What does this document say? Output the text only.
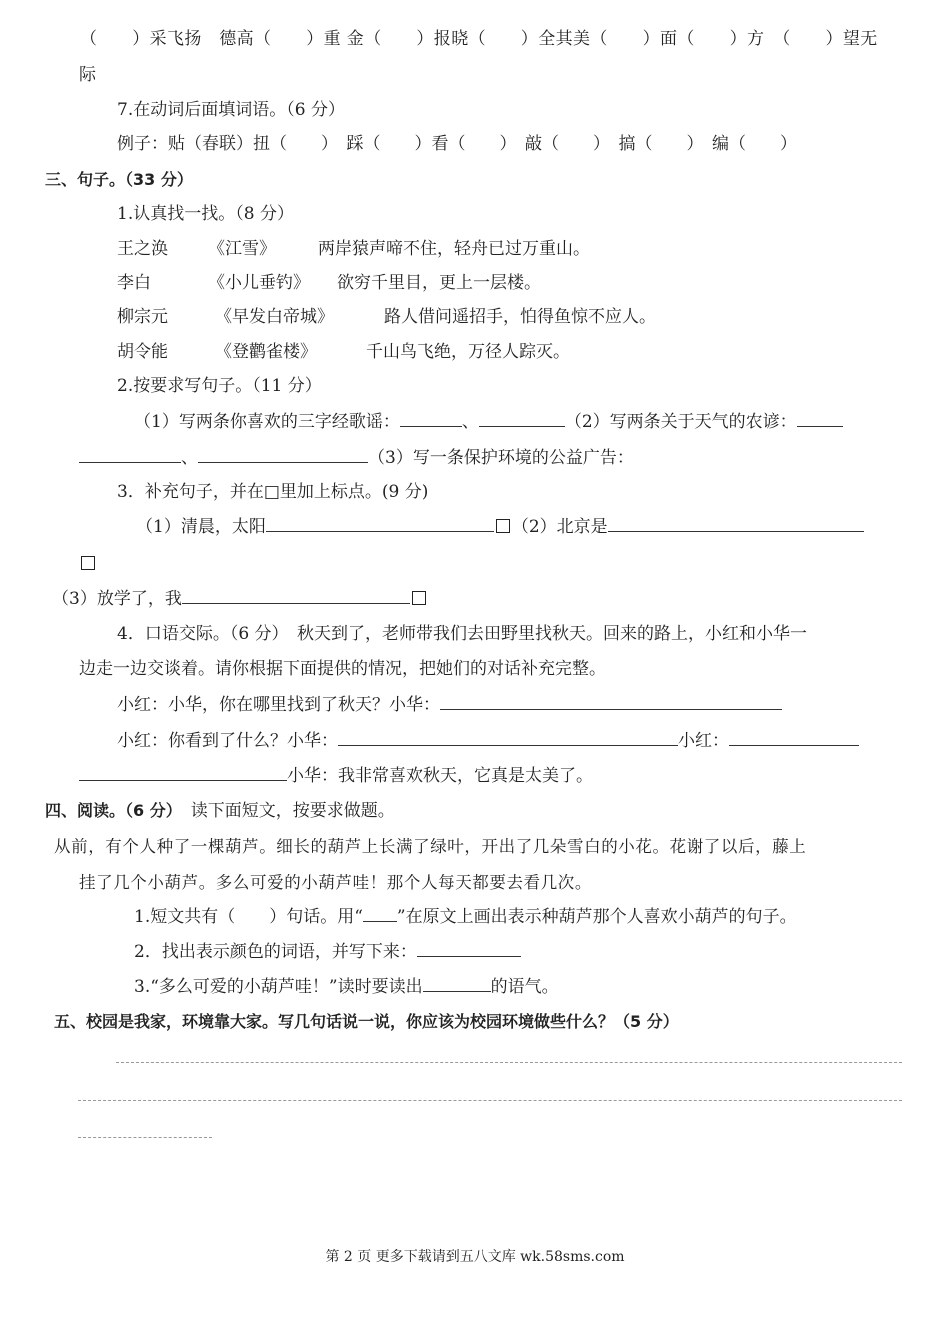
（　　）采飞扬　德高（　　）重 金（　　）报晓（　　）全其美（　　）面（　　）方　（　　）望无
际
7.在动词后面填词语。（6 分）
例子：贴（春联）扭（　　）　踩（　　）看（　　）　敲（　　）　搞（　　）　编（　　）
三、句子。（33 分）
1.认真找一找。（8 分）
王之涣 《江雪》 两岸猿声啼不住，轻舟已过万重山。
李白	《小儿垂钓》 欲穷千里目，更上一层楼。
柳宗元	《早发白帝城》	路人借问遥招手，怕得鱼惊不应人。
胡令能	《登鹳雀楼》	千山鸟飞绝，万径人踪灭。
2.按要求写句子。（11 分）
（1）写两条你喜欢的三字经歌谣：	、	（2）写两条关于天气的农谚：
、	（3）写一条保护环境的公益广告：
3．补充句子，并在□里加上标点。(9 分)
（1）清晨，太阳	（2）北京是
（3）放学了，我
4．口语交际。（6 分）　秋天到了，老师带我们去田野里找秋天。回来的路上，小红和小华一
边走一边交谈着。请你根据下面提供的情况，把她们的对话补充完整。
小红：小华，你在哪里找到了秋天？小华：
小红：你看到了什么？小华：	小红：
小华：我非常喜欢秋天，它真是太美了。
四、阅读。（6 分）　 读下面短文，按要求做题。
从前，有个人种了一棵葫芦。细长的葫芦上长满了绿叶，开出了几朵雪白的小花。花谢了以后，藤上
挂了几个小葫芦。多么可爱的小葫芦哇！那个人每天都要去看几次。
1.短文共有（　　）句话。用“ ”在原文上画出表示种葫芦那个人喜欢小葫芦的句子。
2．找出表示颜色的词语，并写下来：
3.“多么可爱的小葫芦哇！”读时要读出	的语气。
五、校园是我家，环境靠大家。写几句话说一说，你应该为校园环境做些什么？（5 分）
第 2 页 更多下载请到五八文库 wk.58sms.com
